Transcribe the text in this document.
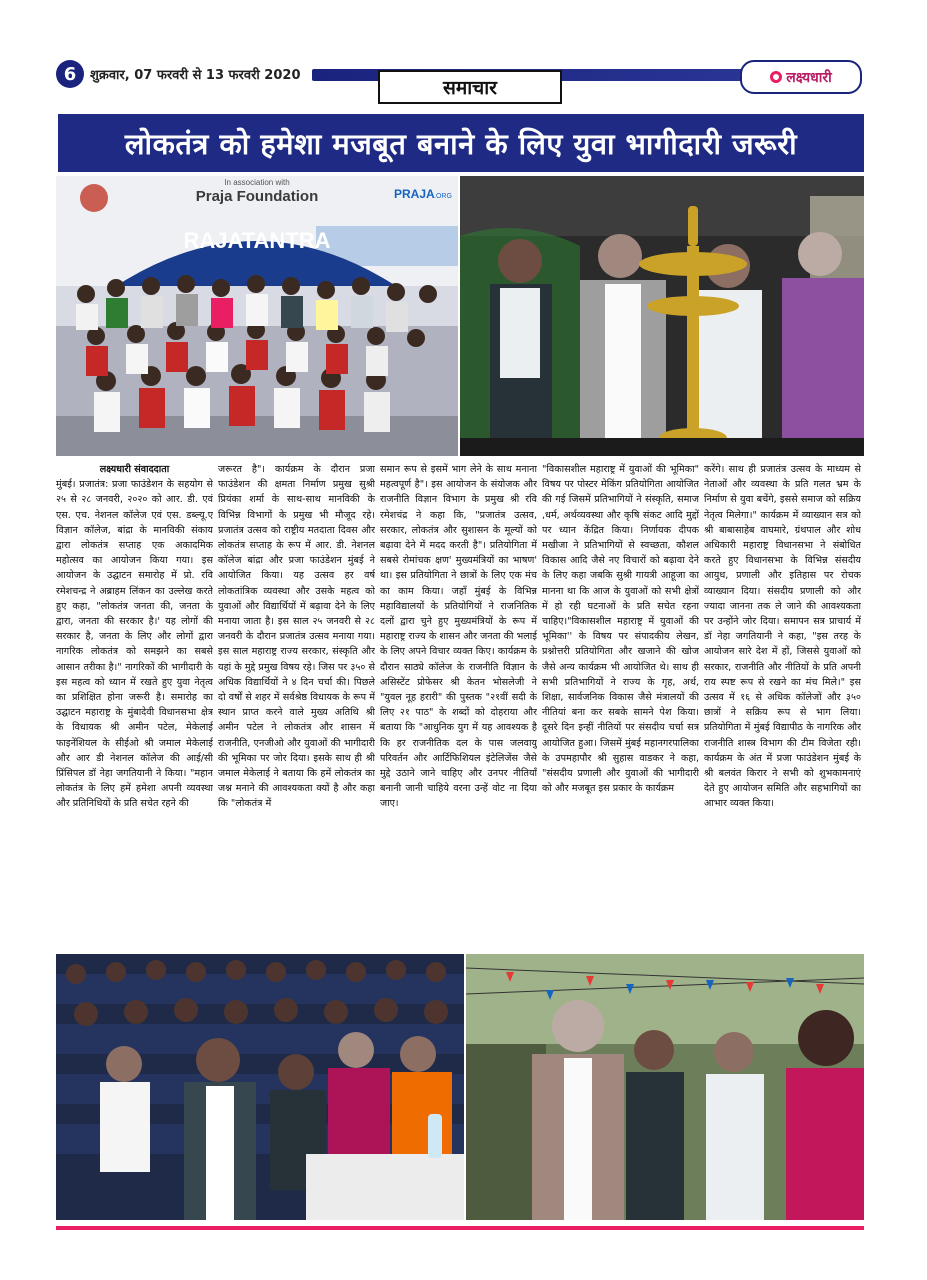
6	शुक्रवार, 07 फरवरी से 13 फरवरी 2020
समाचार	लक्ष्यधारी
लोकतंत्र को हमेशा मजबूत बनाने के लिए युवा भागीदारी जरूरी
In association with
Praja Foundation	PRAJA .ORG
RAJATANTRA
लक्ष्यधारी संवाददाता
मुंबई। प्रजातंत्र: प्रजा फाउंडेशन के सहयोग से २५ से २८ जनवरी, २०२० को आर. डी. एवं एस. एच. नेशनल कॉलेज एवं एस. डब्ल्यू.ए विज्ञान कॉलेज, बांद्रा के मानविकी संकाय द्वारा लोकतंत्र सप्ताह एक अकादमिक महोत्सव का आयोजन किया गया। इस आयोजन के उद्घाटन समारोह में प्रो. रवि रमेशचन्द्र ने अब्राहम लिंकन का उल्लेख करते हुए कहा, "लोकतंत्र जनता की, जनता के द्वारा, जनता की सरकार है।' यह लोगों की सरकार है, जनता के लिए और लोगों द्वारा नागरिक लोकतंत्र को समझने का सबसे आसान तरीका है।" नागरिकों की भागीदारी के इस महत्व को ध्यान में रखते हुए युवा नेतृत्व का प्रशिक्षित होना जरूरी है। समारोह का उद्घाटन महाराष्ट्र के मुंबादेवी विधानसभा क्षेत्र के विधायक श्री अमीन पटेल, मेकेलाई फाइनेंशियल के सीईओ श्री जमाल मेकेलाई और आर डी नेशनल कॉलेज की आई/सी प्रिंसिपल डॉ नेहा जगतियानी ने किया। "महान लोकतंत्र के लिए हमें हमेशा अपनी व्यवस्था और प्रतिनिधियों के प्रति सचेत रहने की
जरूरत है"। कार्यक्रम के दौरान प्रजा फाउंडेशन की क्षमता निर्माण प्रमुख सुश्री प्रियंका शर्मा के साथ-साथ मानविकी के विभिन्न विभागों के प्रमुख भी मौजूद रहे। प्रजातंत्र उत्सव को राष्ट्रीय मतदाता दिवस और लोकतंत्र सप्ताह के रूप में आर. डी. नेशनल कॉलेज बांद्रा और प्रजा फाउंडेशन मुंबई ने आयोजित किया। यह उत्सव हर वर्ष लोकतांत्रिक व्यवस्था और उसके महत्व को युवाओं और विद्यार्थियों में बढ़ावा देने के लिए मनाया जाता है। इस साल २५ जनवरी से २८ जनवरी के दौरान प्रजातंत्र उत्सव मनाया गया। इस साल महाराष्ट्र राज्य सरकार, संस्कृति और यहां के मुद्दे प्रमुख विषय रहे। जिस पर ३५० से अधिक विद्यार्थियों ने ४ दिन चर्चा की। पिछले दो वर्षों से शहर में सर्वश्रेष्ठ विधायक के रूप में स्थान प्राप्त करने वाले मुख्य अतिथि श्री अमीन पटेल ने लोकतंत्र और शासन में राजनीति, एनजीओ और युवाओं की भागीदारी की भूमिका पर जोर दिया। इसके साथ ही श्री जमाल मेकेलाई ने बताया कि हमें लोकतंत्र का जश्न मनाने की आवश्यकता क्यों है और कहा कि "लोकतंत्र में
समान रूप से इसमें भाग लेने के साथ मनाना महत्वपूर्ण है"। इस आयोजन के संयोजक और राजनीति विज्ञान विभाग के प्रमुख श्री रवि रमेशचंद्र ने कहा कि, "प्रजातंत्र उत्सव, सरकार, लोकतंत्र और सुशासन के मूल्यों को बढ़ावा देने में मदद करती है"। प्रतियोगिता में सबसे रोमांचक क्षण' मुख्यमंत्रियों का भाषण' था। इस प्रतियोगिता ने छात्रों के लिए एक मंच का काम किया। जहाँ मुंबई के विभिन्न महाविद्यालयों के प्रतियोगियों ने राजनितिक दलों द्वारा चुने हुए मुख्यमंत्रियों के रूप में महाराष्ट्र राज्य के शासन और जनता की भलाई के लिए अपने विचार व्यक्त किए। कार्यक्रम के दौरान साठ्ये कॉलेज के राजनीति विज्ञान के असिस्टेंट प्रोफेसर श्री केतन भोसलेजी ने "युवल नूह हरारी" की पुस्तक "२१वीं सदी के लिए २१ पाठ" के शब्दों को दोहराया और बताया कि "आधुनिक युग में यह आवश्यक है कि हर राजनीतिक दल के पास जलवायु परिवर्तन और आर्टिफिशियल इंटेलिजेंस जैसे मुद्दे उठाने जाने चाहिए और उनपर नीतियाँ बनानी जानी चाहिये वरना उन्हें वोट ना दिया जाए।
"विकासशील महाराष्ट्र में युवाओं की भूमिका" विषय पर पोस्टर मेकिंग प्रतियोगिता आयोजित की गई जिसमें प्रतिभागियों ने संस्कृति, समाज ,धर्म, अर्थव्यवस्था और कृषि संकट आदि मुद्दों पर ध्यान केंद्रित किया। निर्णायक दीपक मखीजा ने प्रतिभागियों से स्वच्छता, कौशल विकास आदि जैसे नए विचारों को बढ़ावा देने के लिए कहा जबकि सुश्री गायत्री आहूजा का मानना था कि आज के युवाओं को सभी क्षेत्रों में हो रही घटनाओं के प्रति सचेत रहना चाहिए।"विकासशील महाराष्ट्र में युवाओं की भूमिका'' के विषय पर संपादकीय लेखन, प्रश्नोत्तरी प्रतियोगिता और खजाने की खोज जैसे अन्य कार्यक्रम भी आयोजित थे। साथ ही सभी प्रतिभागियों ने राज्य के गृह, अर्थ, शिक्षा, सार्वजनिक विकास जैसे मंत्रालयों की नीतियां बना कर सबके सामने पेश किया। दूसरे दिन इन्हीं नीतियों पर संसदीय चर्चा सत्र आयोजित हुआ। जिसमें मुंबई महानगरपालिका के उपमहापौर श्री सुहास वाडकर ने कहा, "संसदीय प्रणाली और युवाओं की भागीदारी को और मजबूत इस प्रकार के कार्यक्रम
करेंगे। साथ ही प्रजातंत्र उत्सव के माध्यम से नेताओं और व्यवस्था के प्रति गलत भ्रम के निर्माण से युवा बचेंगे, इससे समाज को सक्रिय नेतृत्व मिलेगा।" कार्यक्रम में व्याख्यान सत्र को श्री बाबासाहेब वाघमारे, ग्रंथपाल और शोध अधिकारी महाराष्ट्र विधानसभा ने संबोधित करते हुए विधानसभा के विभिन्न संसदीय आयुध, प्रणाली और इतिहास पर रोचक व्याख्यान दिया। संसदीय प्रणाली को और ज्यादा जानना तक ले जाने की आवश्यकता पर उन्होंने जोर दिया। समापन सत्र प्राचार्य में डॉ नेहा जगतियानी ने कहा, "इस तरह के आयोजन सारे देश में हों, जिससे युवाओं को सरकार, राजनीति और नीतियों के प्रति अपनी राय स्पष्ट रूप से रखने का मंच मिले।" इस उत्सव में १६ से अधिक कॉलेजों और ३५० छात्रों ने सक्रिय रूप से भाग लिया। प्रतियोगिता में मुंबई विद्यापीठ के नागरिक और राजनीति शास्त्र विभाग की टीम विजेता रही। कार्यक्रम के अंत में प्रजा फाउंडेशन मुंबई के श्री बलवंत किरार ने सभी को शुभकामनाएं देते हुए आयोजन समिति और सहभागियों का आभार व्यक्त किया।
